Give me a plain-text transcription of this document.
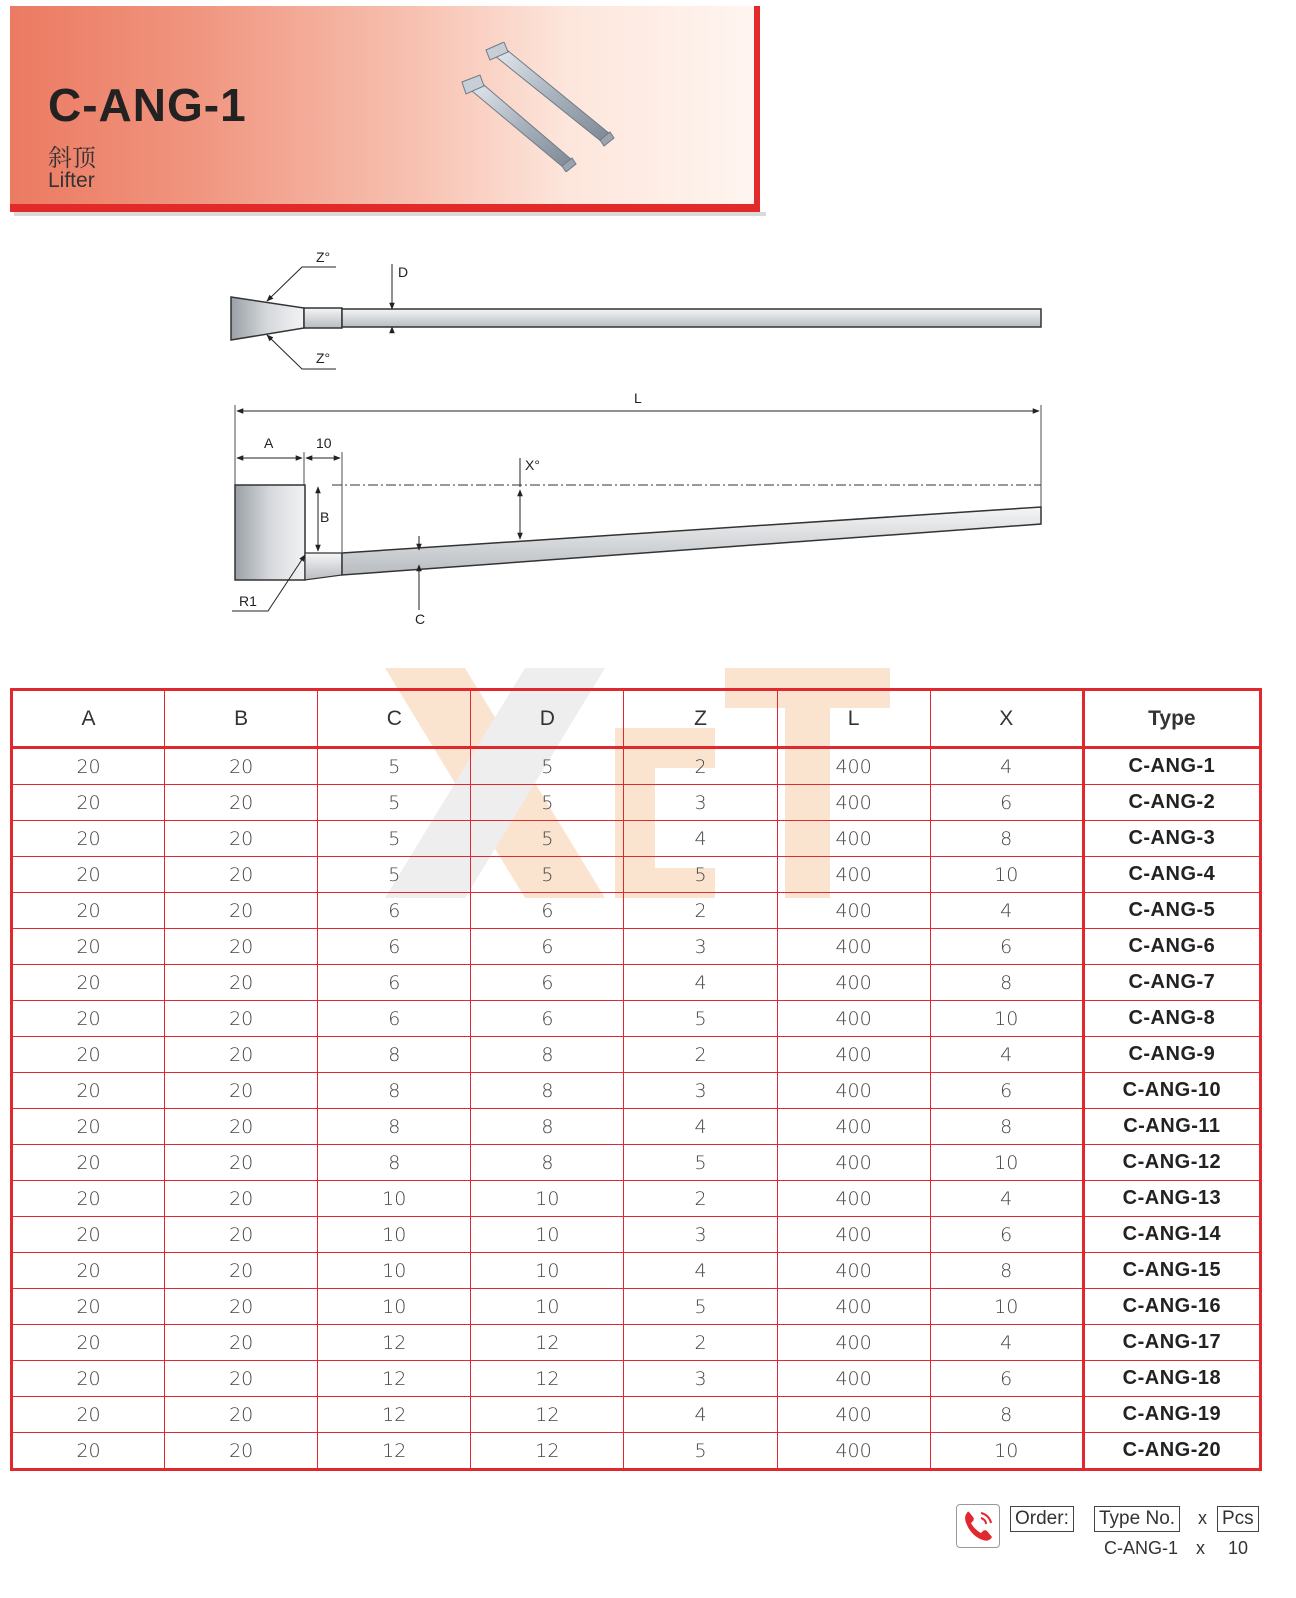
C-ANG-1
斜顶
Lifter
Z°
Z°
D
L
A	10
B
X°
C
R1
A	B	C	D	Z	L	X	Type
20	20	5	5	2	400	4	C-ANG-1
20	20	5	5	3	400	6	C-ANG-2
20	20	5	5	4	400	8	C-ANG-3
20	20	5	5	5	400	10	C-ANG-4
20	20	6	6	2	400	4	C-ANG-5
20	20	6	6	3	400	6	C-ANG-6
20	20	6	6	4	400	8	C-ANG-7
20	20	6	6	5	400	10	C-ANG-8
20	20	8	8	2	400	4	C-ANG-9
20	20	8	8	3	400	6	C-ANG-10
20	20	8	8	4	400	8	C-ANG-11
20	20	8	8	5	400	10	C-ANG-12
20	20	10	10	2	400	4	C-ANG-13
20	20	10	10	3	400	6	C-ANG-14
20	20	10	10	4	400	8	C-ANG-15
20	20	10	10	5	400	10	C-ANG-16
20	20	12	12	2	400	4	C-ANG-17
20	20	12	12	3	400	6	C-ANG-18
20	20	12	12	4	400	8	C-ANG-19
20	20	12	12	5	400	10	C-ANG-20
Order: Type No. x Pcs
C-ANG-1 x 10
